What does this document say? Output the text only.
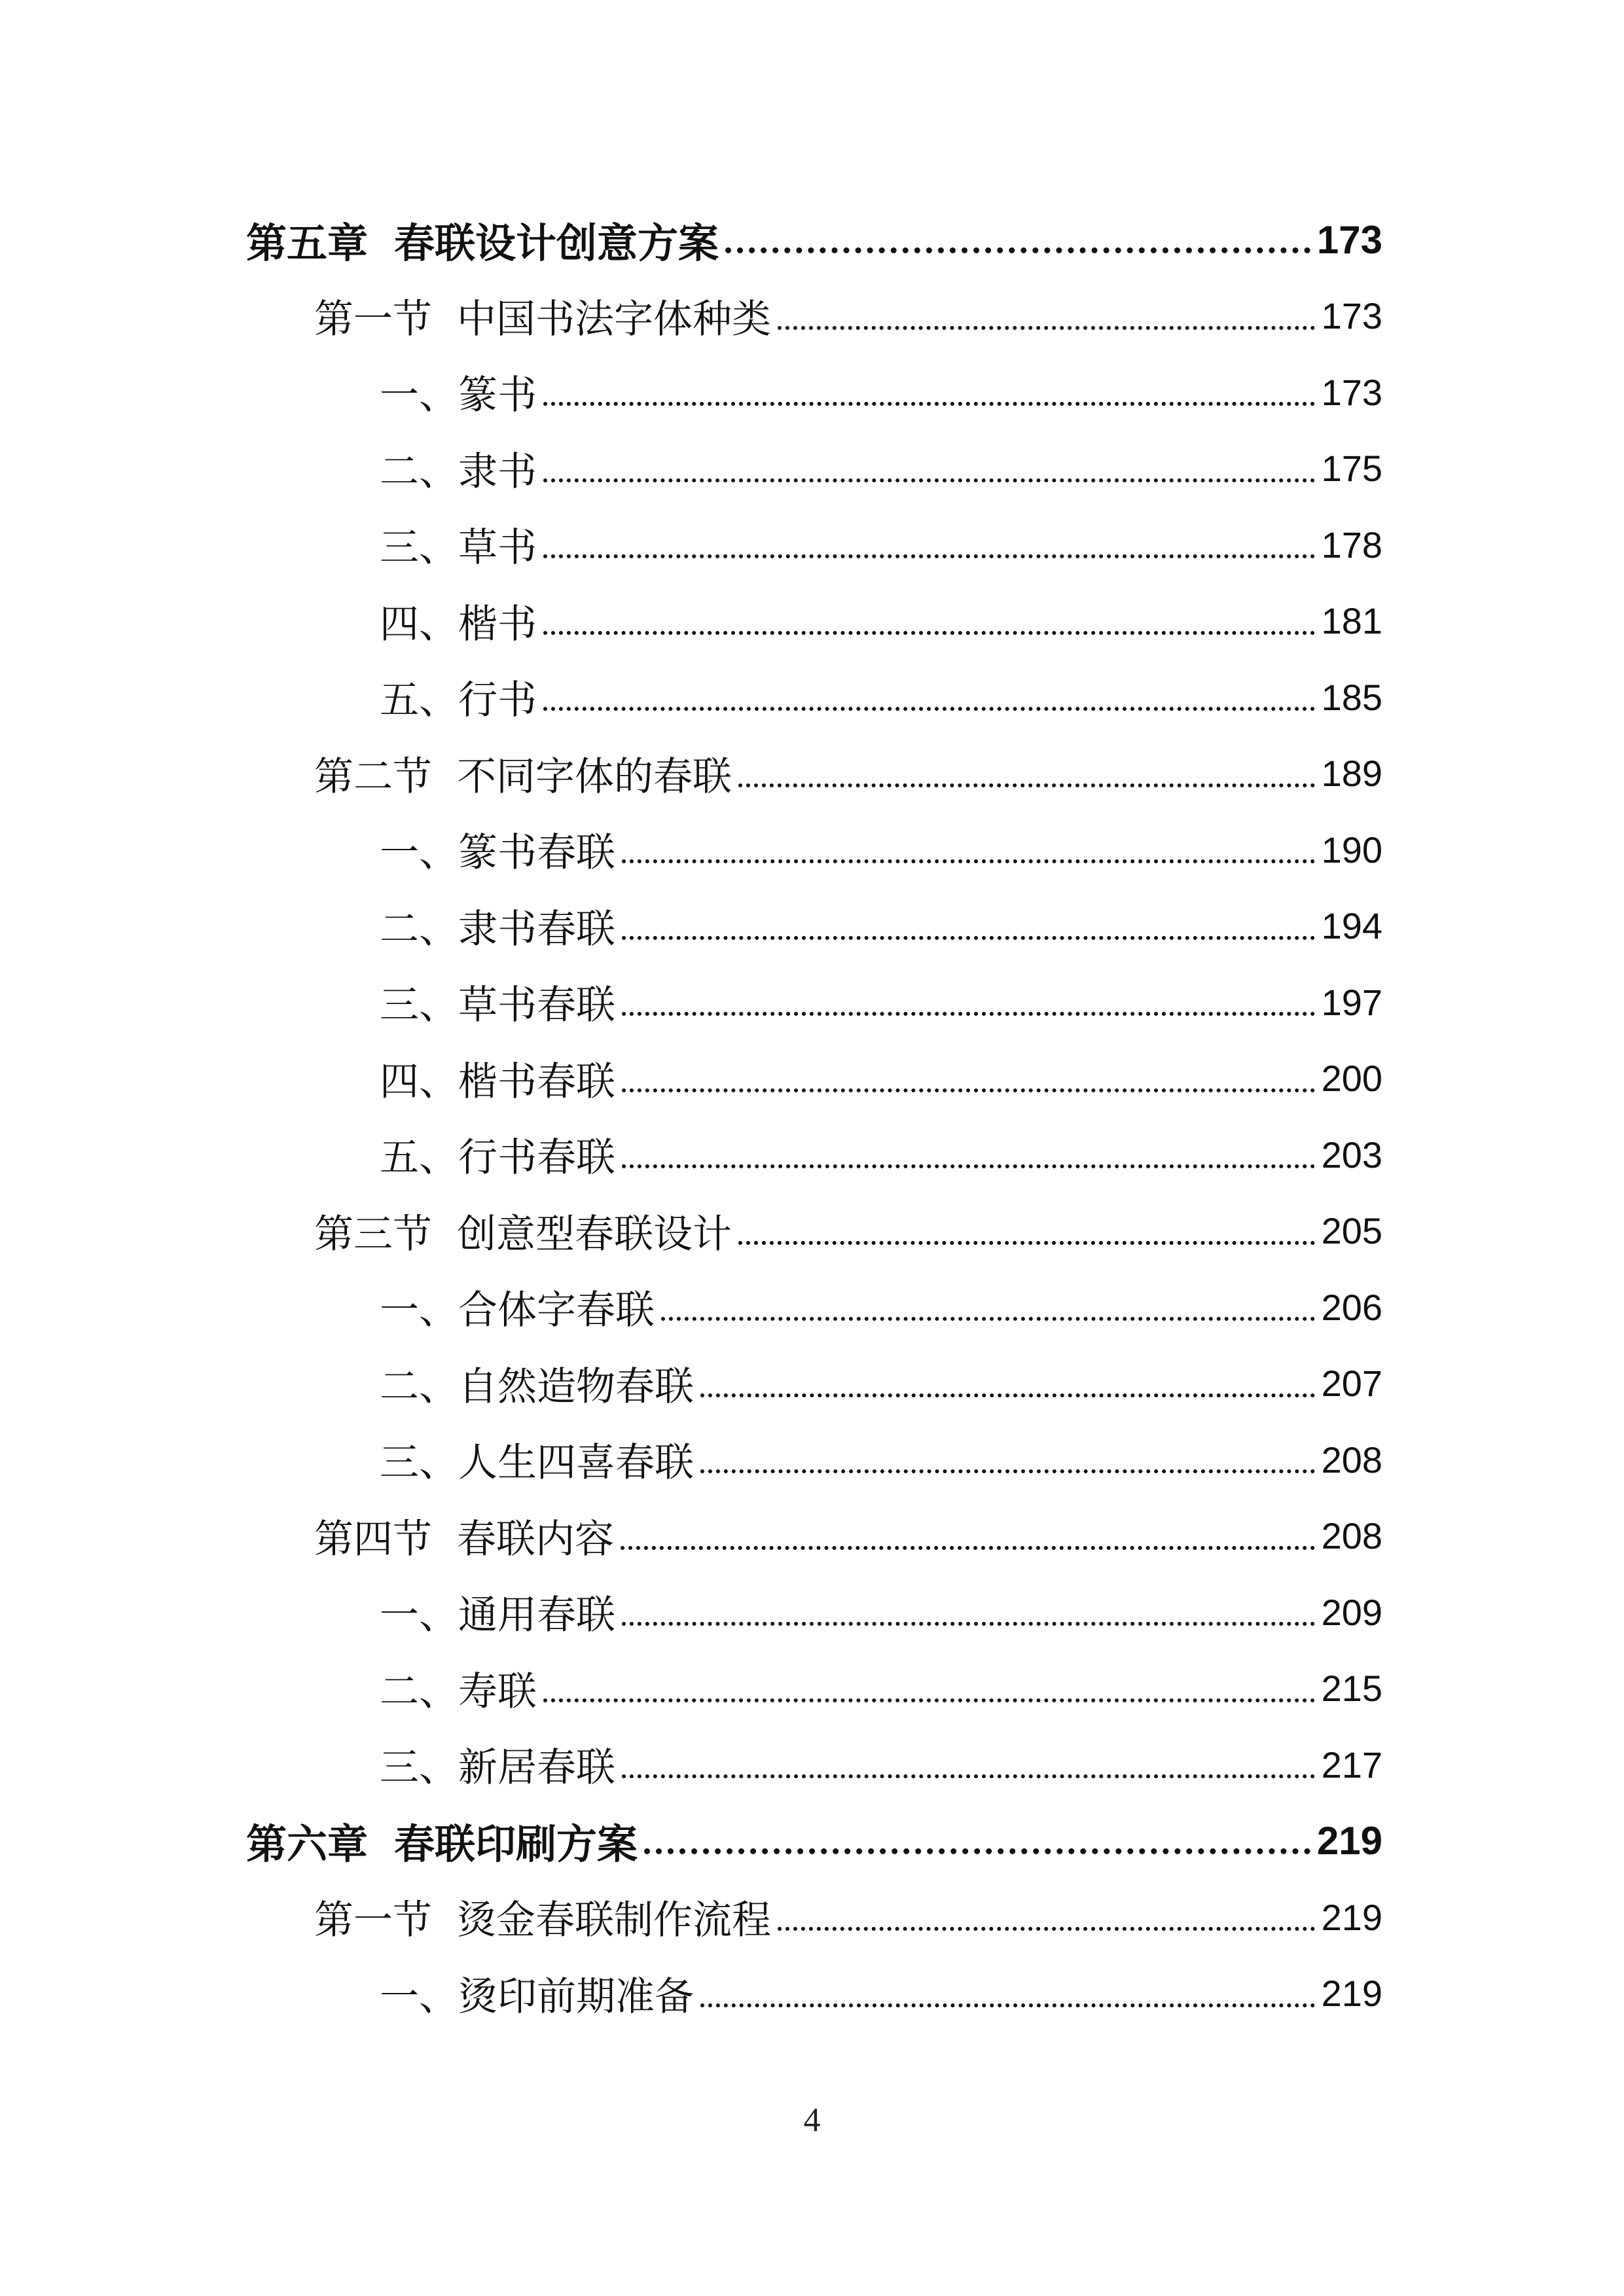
第五章 春联设计创意方案	173
第一节 中国书法字体种类	173
一、 篆书	173
二、 隶书	175
三、 草书	178
四、 楷书	181
五、 行书	185
第二节 不同字体的春联	189
一、 篆书春联	190
二、 隶书春联	194
三、 草书春联	197
四、 楷书春联	200
五、 行书春联	203
第三节 创意型春联设计	205
一、 合体字春联	206
二、 自然造物春联	207
三、 人生四喜春联	208
第四节 春联内容	208
一、 通用春联	209
二、 寿联	215
三、 新居春联	217
第六章 春联印刷方案	219
第一节 烫金春联制作流程	219
一、 烫印前期准备	219
4
